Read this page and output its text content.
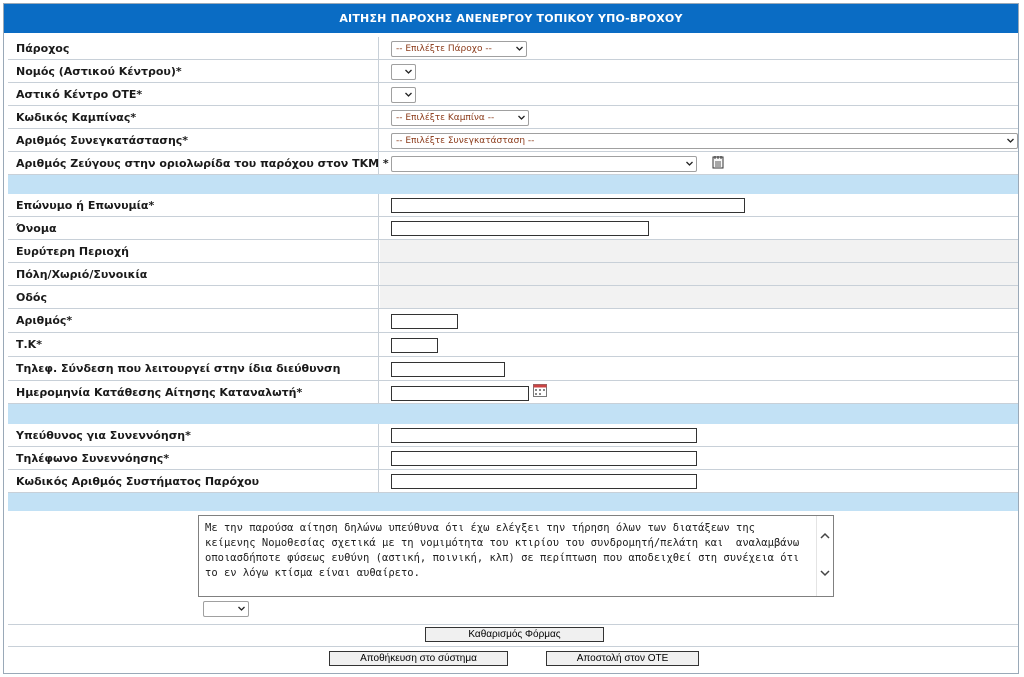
ΑΙΤΗΣΗ ΠΑΡΟΧΗΣ ΑΝΕΝΕΡΓΟΥ ΤΟΠΙΚΟΥ ΥΠΟ-ΒΡΟΧΟΥ
Πάροχος	-- Επιλέξτε Πάροχο --
Νομός (Αστικού Κέντρου)*
Αστικό Κέντρο ΟΤΕ*
Κωδικός Καμπίνας*	-- Επιλέξτε Καμπίνα --
Αριθμός Συνεγκατάστασης*	-- Επιλέξτε Συνεγκατάσταση --
Αριθμός Ζεύγους στην οριολωρίδα του παρόχου στον ΤΚΜ *
Επώνυμο ή Επωνυμία*
Όνομα
Ευρύτερη Περιοχή
Πόλη/Χωριό/Συνοικία
Οδός
Αριθμός*
Τ.Κ*
Τηλεφ. Σύνδεση που λειτουργεί στην ίδια διεύθυνση
Ημερομηνία Κατάθεσης Αίτησης Καταναλωτή*
Υπεύθυνος για Συνεννόηση*
Τηλέφωνο Συνεννόησης*
Κωδικός Αριθμός Συστήματος Παρόχου
Με την παρούσα αίτηση δηλώνω υπεύθυνα ότι έχω ελέγξει την τήρηση όλων των διατάξεων της κείμενης Νομοθεσίας σχετικά με τη νομιμότητα του κτιρίου του συνδρομητή/πελάτη και  αναλαμβάνω οποιασδήποτε φύσεως ευθύνη (αστική, ποινική, κλπ) σε περίπτωση που αποδειχθεί στη συνέχεια ότι το εν λόγω κτίσμα είναι αυθαίρετο.
Καθαρισμός Φόρμας
Αποθήκευση στο σύστημα	Αποστολή στον ΟΤΕ
